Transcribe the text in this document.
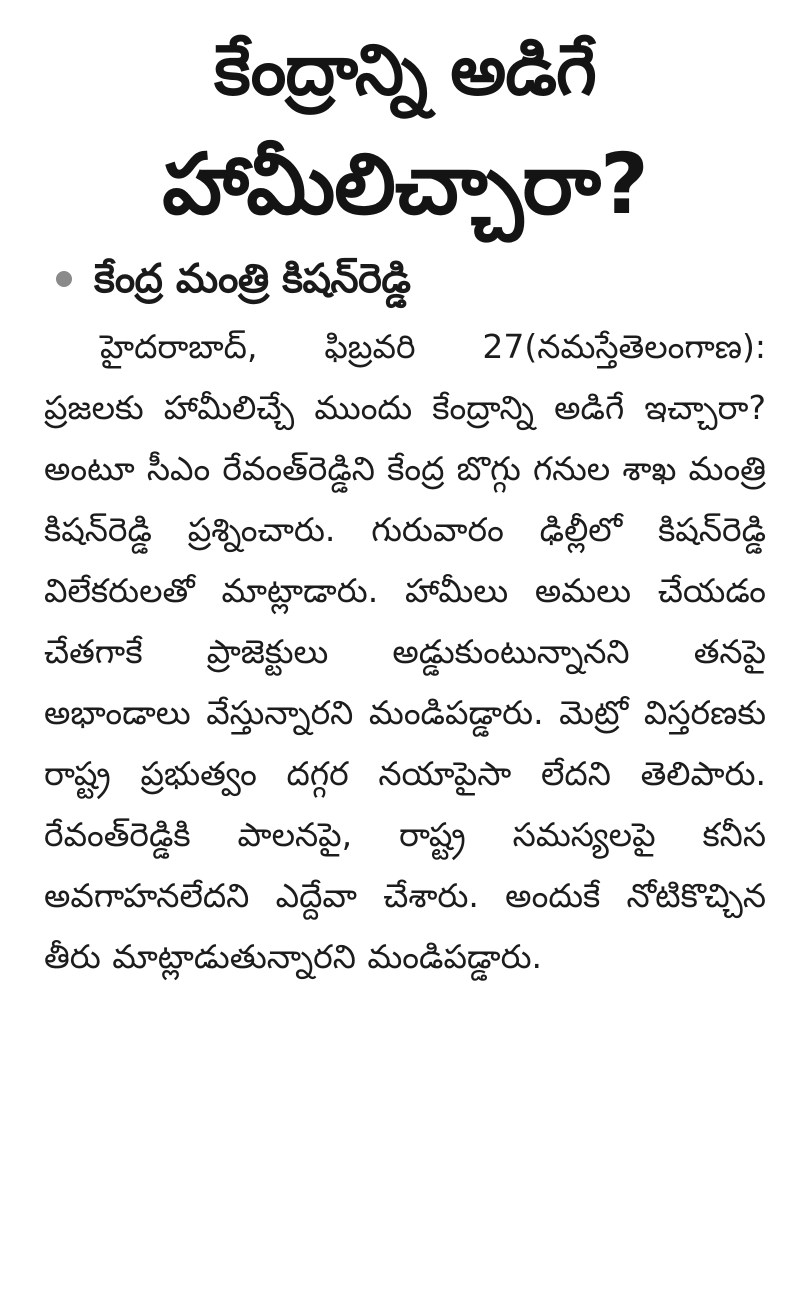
కేంద్రాన్ని అడిగే
హామీలిచ్చారా?
కేంద్ర మంత్రి కిషన్‌రెడ్డి

హైదరాబాద్‌, ఫిబ్రవరి 27(నమస్తేతెలంగాణ): ప్రజలకు హామీలిచ్చే ముందు కేంద్రాన్ని అడిగే ఇచ్చారా? అంటూ సీఎం రేవంత్‌రెడ్డిని కేంద్ర బొగ్గు గనుల శాఖ మంత్రి కిషన్‌రెడ్డి ప్రశ్నించారు. గురువారం ఢిల్లీలో కిషన్‌రెడ్డి విలేకరులతో మాట్లాడారు. హామీలు అమలు చేయడం చేతగాకే ప్రాజెక్టులు అడ్డుకుంటున్నానని తనపై అభాండాలు వేస్తున్నారని మండిపడ్డారు. మెట్రో విస్తరణకు రాష్ట్ర ప్రభుత్వం దగ్గర నయాపైసా లేదని తెలిపారు. రేవంత్‌రెడ్డికి పాలనపై, రాష్ట్ర సమస్యలపై కనీస అవగాహనలేదని ఎద్దేవా చేశారు. అందుకే నోటికొచ్చిన తీరు మాట్లాడుతున్నారని మండిపడ్డారు.
